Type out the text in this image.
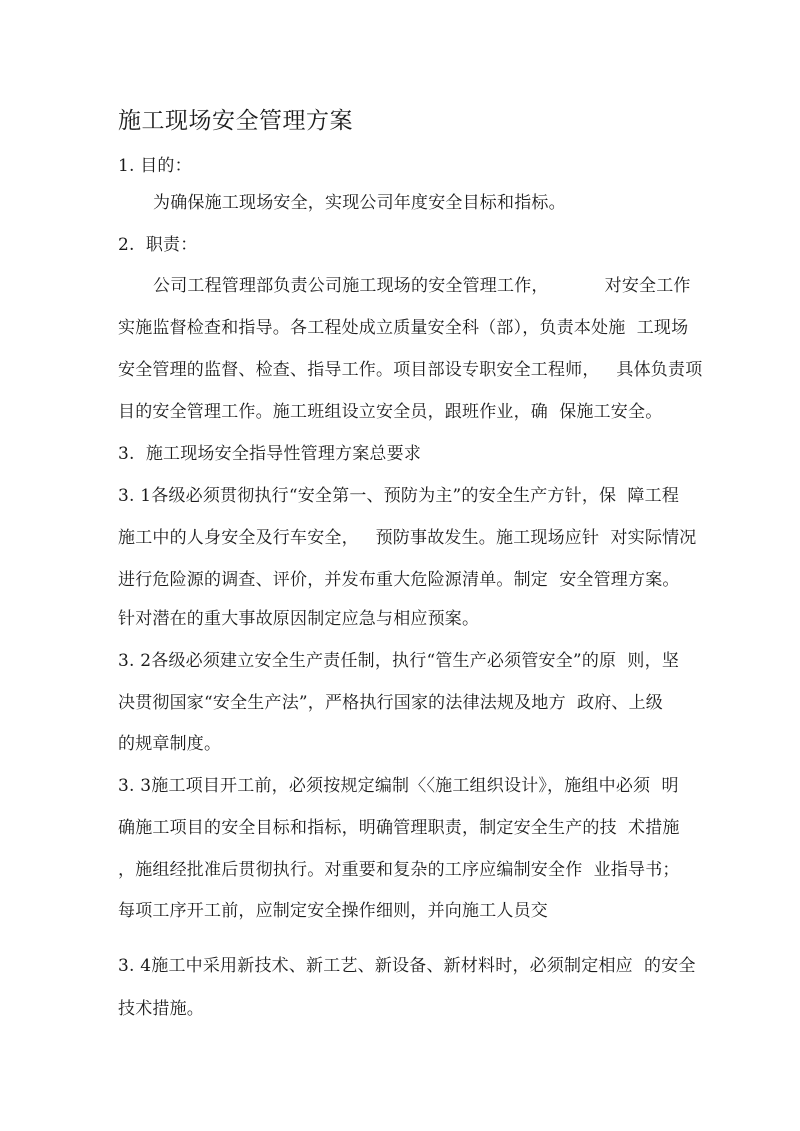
施工现场安全管理方案
1. 目的：
为确保施工现场安全，实现公司年度安全目标和指标。
2.  职责：
公司工程管理部负责公司施工现场的安全管理工作，          对安全工作
实施监督检查和指导。各工程处成立质量安全科（部），负责本处施  工现场
安全管理的监督、检查、指导工作。项目部设专职安全工程师，   具体负责项
目的安全管理工作。施工班组设立安全员，跟班作业，确  保施工安全。
3.  施工现场安全指导性管理方案总要求
3. 1各级必须贯彻执行“安全第一、预防为主”的安全生产方针，保  障工程
施工中的人身安全及行车安全，   预防事故发生。施工现场应针  对实际情况
进行危险源的调查、评价，并发布重大危险源清单。制定  安全管理方案。
针对潜在的重大事故原因制定应急与相应预案。
3. 2各级必须建立安全生产责任制，执行“管生产必须管安全”的原  则，坚
决贯彻国家“安全生产法”，严格执行国家的法律法规及地方  政府、上级
的规章制度。
3. 3施工项目开工前，必须按规定编制〈〈施工组织设计》，施组中必须  明
确施工项目的安全目标和指标，明确管理职责，制定安全生产的技  术措施
，施组经批准后贯彻执行。对重要和复杂的工序应编制安全作  业指导书；
每项工序开工前，应制定安全操作细则，并向施工人员交
3. 4施工中采用新技术、新工艺、新设备、新材料时，必须制定相应  的安全
技术措施。
